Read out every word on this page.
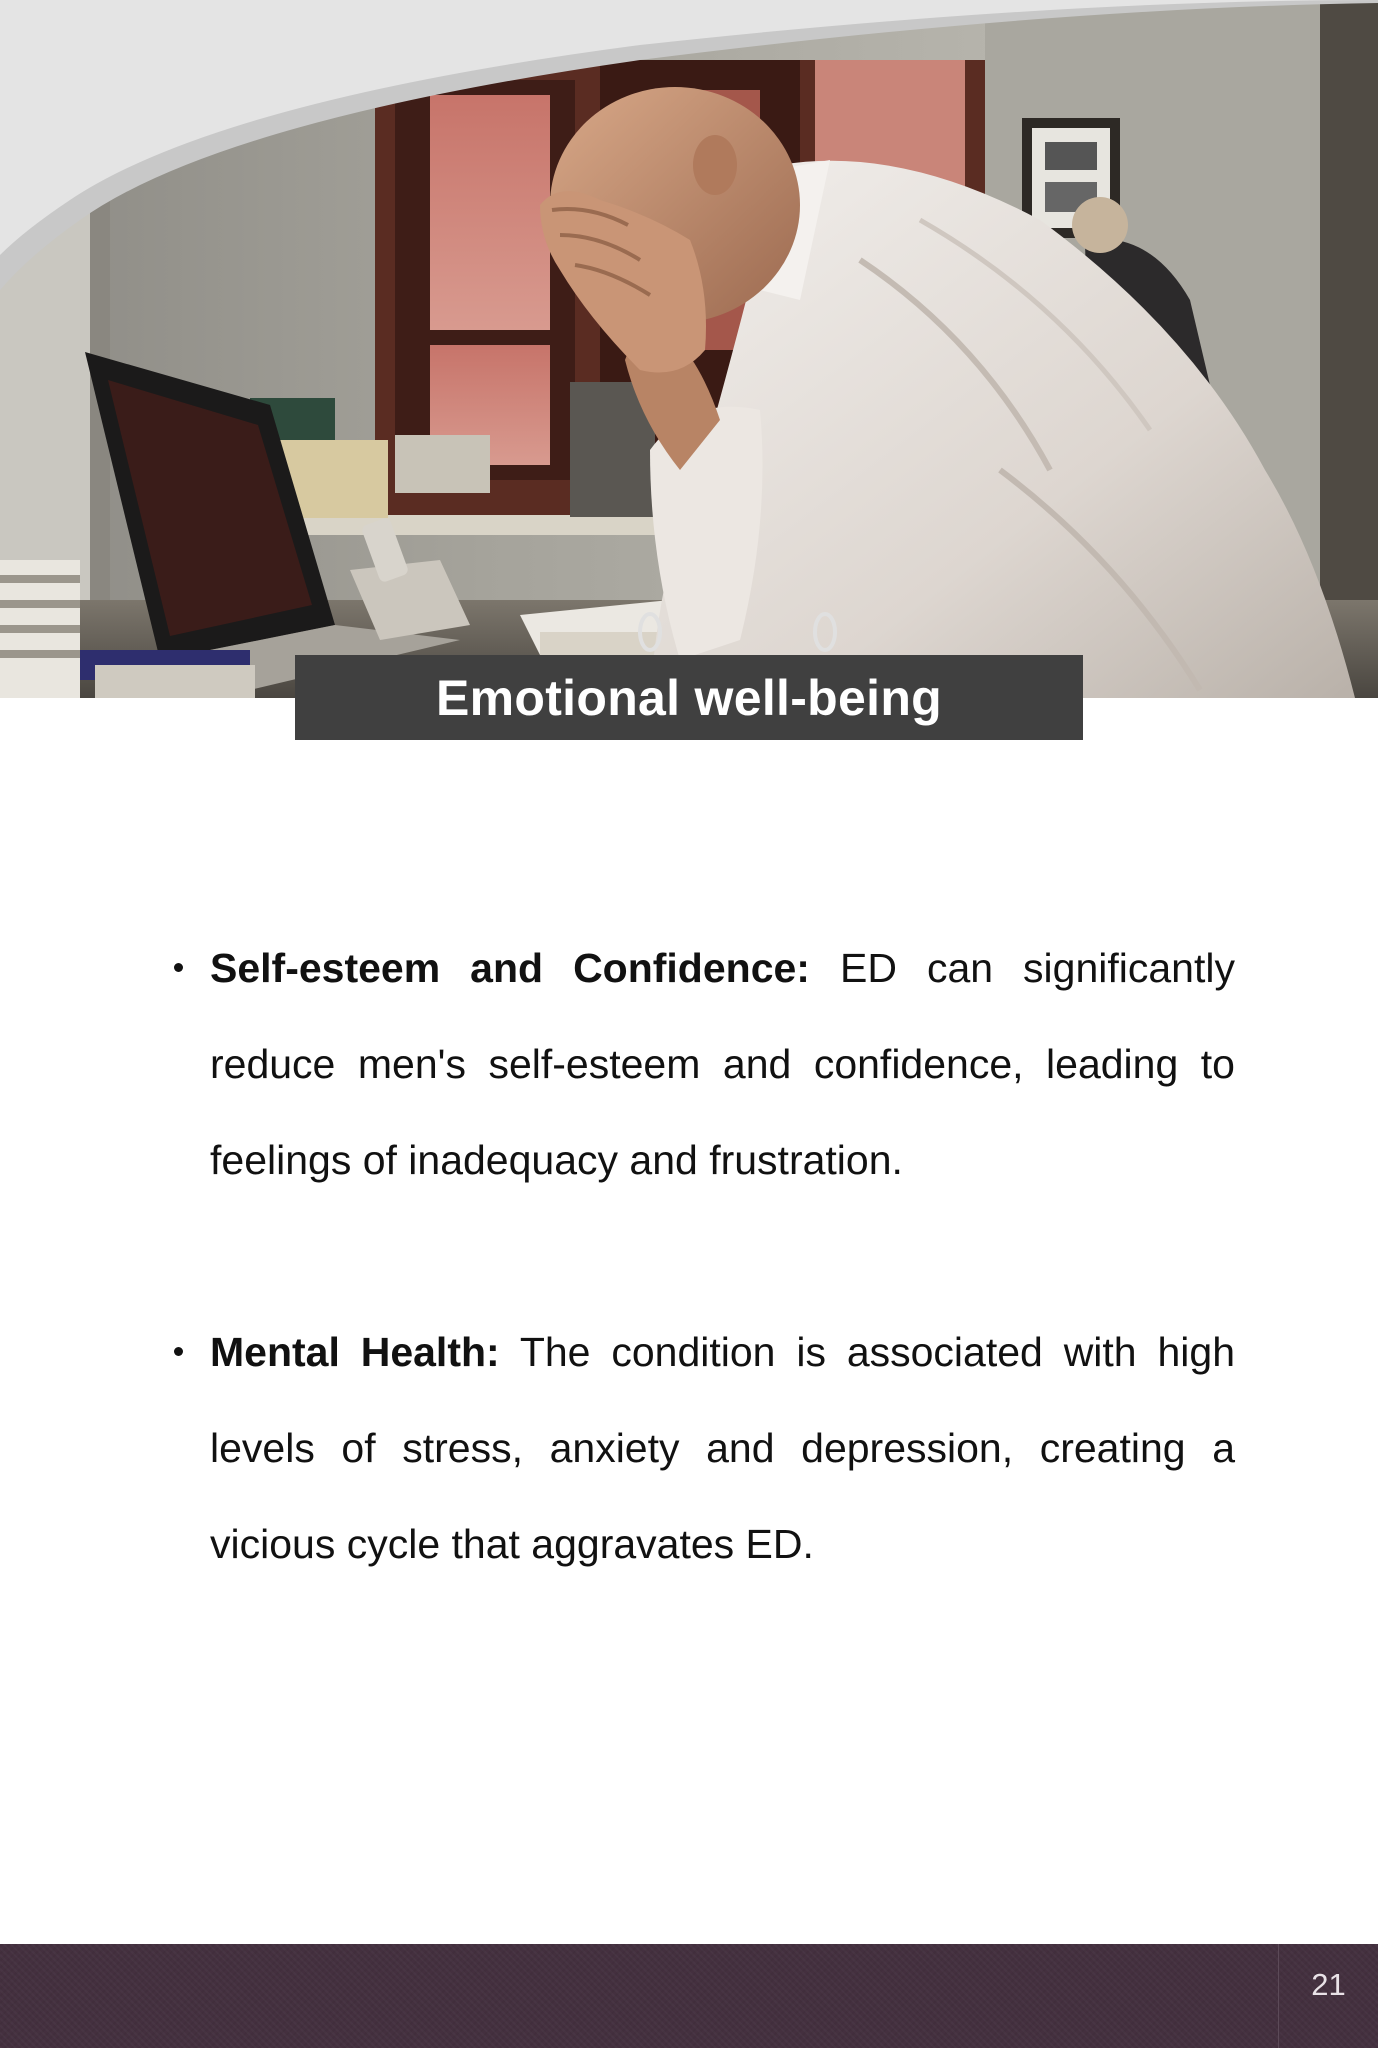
Emotional well-being
Self-esteem and Confidence: ED can significantly reduce men's self-esteem and confidence, leading to feelings of inadequacy and frustration.
Mental Health: The condition is associated with high levels of stress, anxiety and depression, creating a vicious cycle that aggravates ED.
21
